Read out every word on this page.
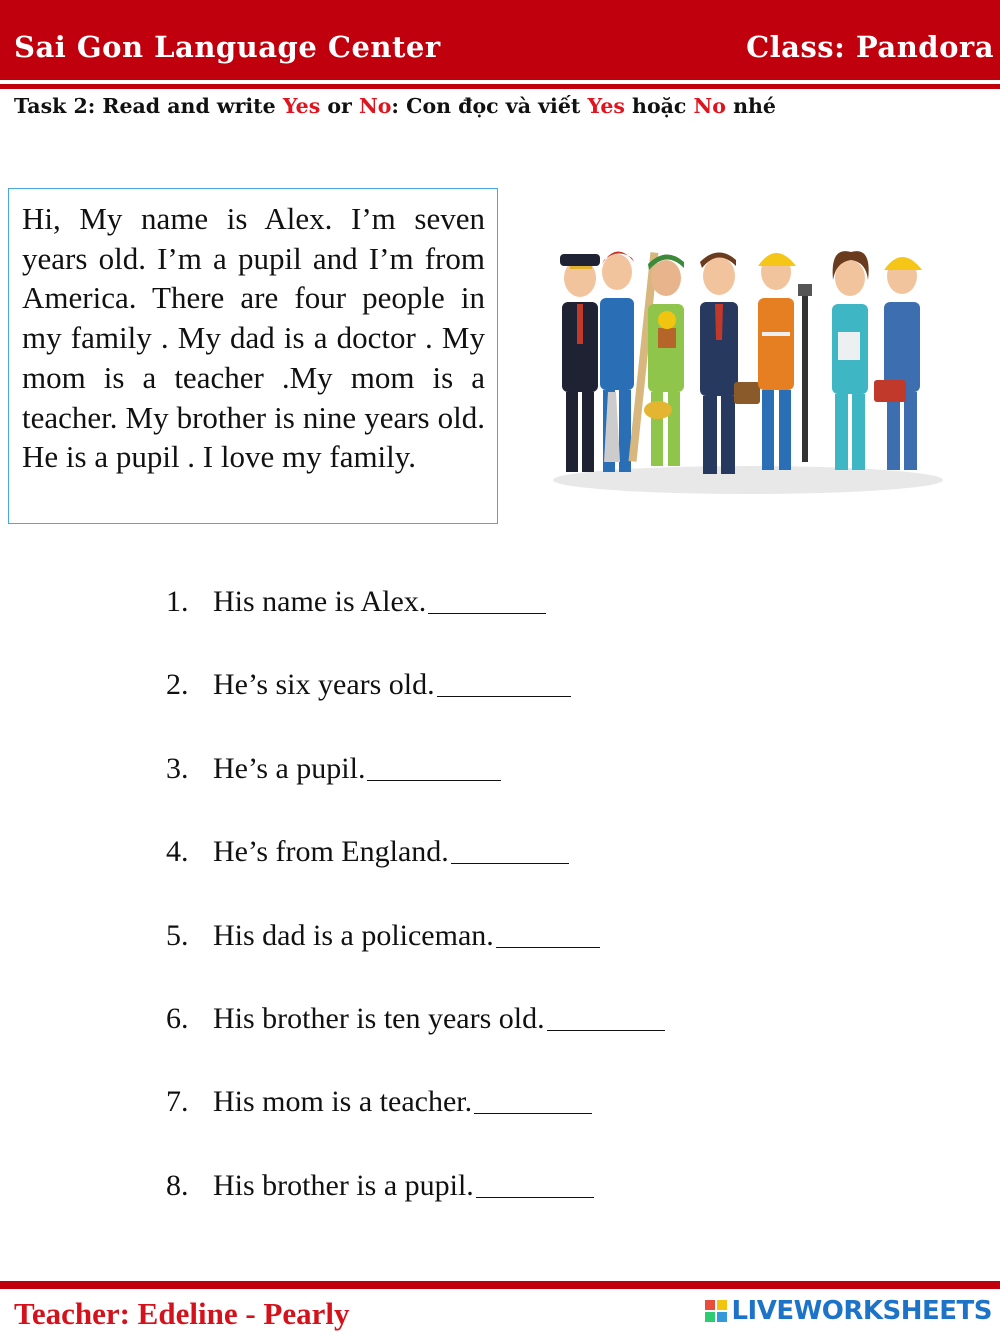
Sai Gon Language Center	Class: Pandora
Task 2: Read and write Yes or No: Con đọc và viết Yes hoặc No nhé

Hi, My name is Alex. I’m seven years old. I’m a pupil and I’m from America. There are four people in my family . My dad is a doctor . My mom is a teacher .My mom is a teacher. My brother is nine years old. He is a pupil . I love my family.

1. His name is Alex.
2. He’s six years old.
3. He’s a pupil.
4. He’s from England.
5. His dad is a policeman.
6. His brother is ten years old.
7. His mom is a teacher.
8. His brother is a pupil.
Teacher: Edeline - Pearly	LIVEWORKSHEETS
